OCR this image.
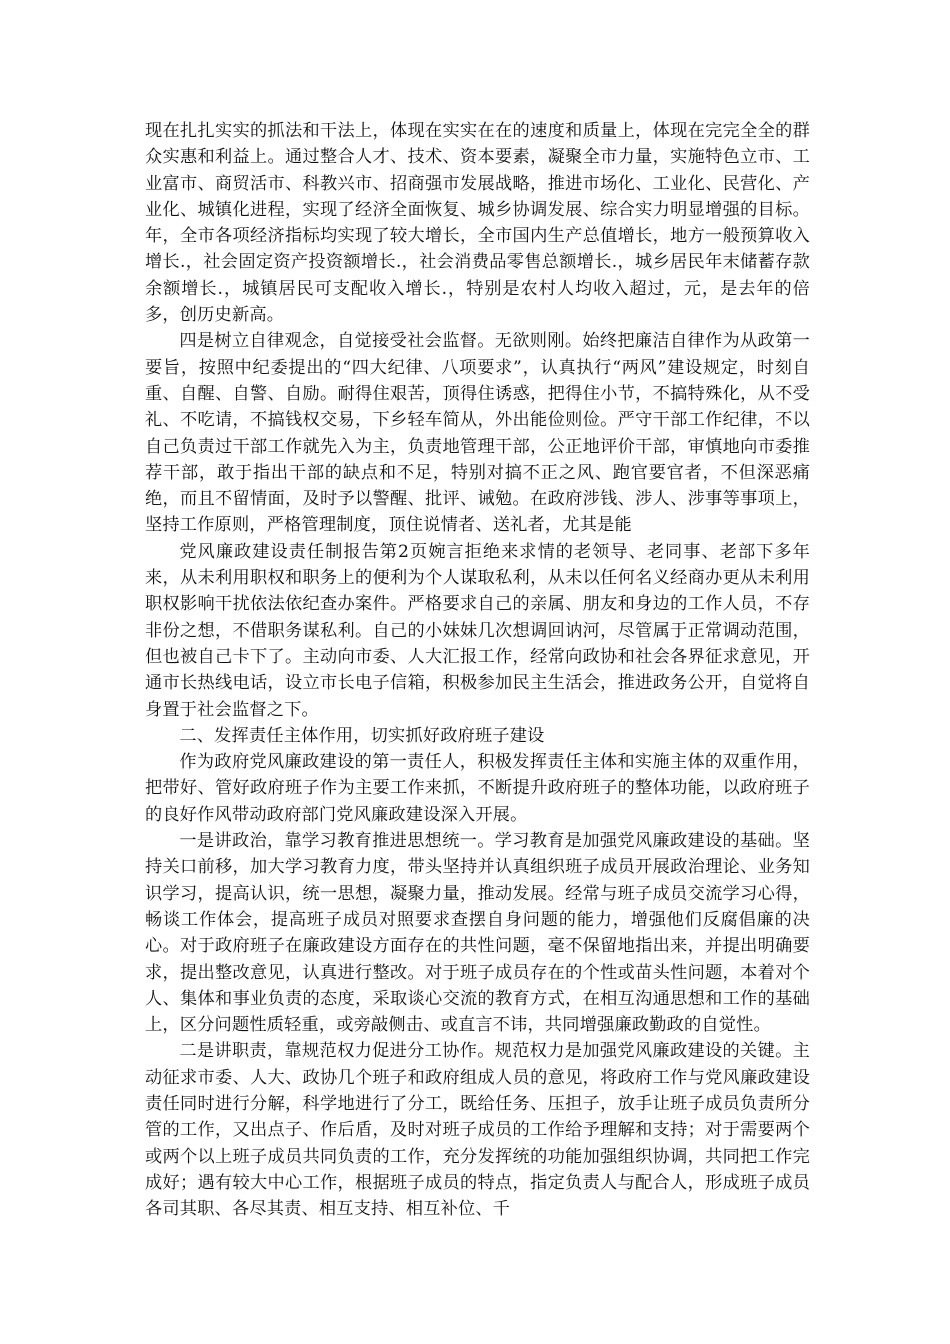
现在扎扎实实的抓法和干法上，体现在实实在在的速度和质量上，体现在完完全全的群众实惠和利益上。通过整合人才、技术、资本要素，凝聚全市力量，实施特色立市、工业富市、商贸活市、科教兴市、招商强市发展战略，推进市场化、工业化、民营化、产业化、城镇化进程，实现了经济全面恢复、城乡协调发展、综合实力明显增强的目标。年，全市各项经济指标均实现了较大增长，全市国内生产总值增长，地方一般预算收入增长.，社会固定资产投资额增长.，社会消费品零售总额增长.，城乡居民年末储蓄存款余额增长.，城镇居民可支配收入增长.，特别是农村人均收入超过，元，是去年的倍多，创历史新高。

四是树立自律观念，自觉接受社会监督。无欲则刚。始终把廉洁自律作为从政第一要旨，按照中纪委提出的“四大纪律、八项要求”，认真执行“两风”建设规定，时刻自重、自醒、自警、自励。耐得住艰苦，顶得住诱惑，把得住小节，不搞特殊化，从不受礼、不吃请，不搞钱权交易，下乡轻车简从，外出能俭则俭。严守干部工作纪律，不以自己负责过干部工作就先入为主，负责地管理干部，公正地评价干部，审慎地向市委推荐干部，敢于指出干部的缺点和不足，特别对搞不正之风、跑官要官者，不但深恶痛绝，而且不留情面，及时予以警醒、批评、诫勉。在政府涉钱、涉人、涉事等事项上，坚持工作原则，严格管理制度，顶住说情者、送礼者，尤其是能

党风廉政建设责任制报告第2页婉言拒绝来求情的老领导、老同事、老部下多年来，从未利用职权和职务上的便利为个人谋取私利，从未以任何名义经商办更从未利用职权影响干扰依法依纪查办案件。严格要求自己的亲属、朋友和身边的工作人员，不存非份之想，不借职务谋私利。自己的小妹妹几次想调回讷河，尽管属于正常调动范围，但也被自己卡下了。主动向市委、人大汇报工作，经常向政协和社会各界征求意见，开通市长热线电话，设立市长电子信箱，积极参加民主生活会，推进政务公开，自觉将自身置于社会监督之下。

二、发挥责任主体作用，切实抓好政府班子建设

作为政府党风廉政建设的第一责任人，积极发挥责任主体和实施主体的双重作用，把带好、管好政府班子作为主要工作来抓，不断提升政府班子的整体功能，以政府班子的良好作风带动政府部门党风廉政建设深入开展。

一是讲政治，靠学习教育推进思想统一。学习教育是加强党风廉政建设的基础。坚持关口前移，加大学习教育力度，带头坚持并认真组织班子成员开展政治理论、业务知识学习，提高认识，统一思想，凝聚力量，推动发展。经常与班子成员交流学习心得，畅谈工作体会，提高班子成员对照要求查摆自身问题的能力，增强他们反腐倡廉的决心。对于政府班子在廉政建设方面存在的共性问题，毫不保留地指出来，并提出明确要求，提出整改意见，认真进行整改。对于班子成员存在的个性或苗头性问题，本着对个人、集体和事业负责的态度，采取谈心交流的教育方式，在相互沟通思想和工作的基础上，区分问题性质轻重，或旁敲侧击、或直言不讳，共同增强廉政勤政的自觉性。

二是讲职责，靠规范权力促进分工协作。规范权力是加强党风廉政建设的关键。主动征求市委、人大、政协几个班子和政府组成人员的意见，将政府工作与党风廉政建设责任同时进行分解，科学地进行了分工，既给任务、压担子，放手让班子成员负责所分管的工作，又出点子、作后盾，及时对班子成员的工作给予理解和支持；对于需要两个或两个以上班子成员共同负责的工作，充分发挥统的功能加强组织协调，共同把工作完成好；遇有较大中心工作，根据班子成员的特点，指定负责人与配合人，形成班子成员各司其职、各尽其责、相互支持、相互补位、千
